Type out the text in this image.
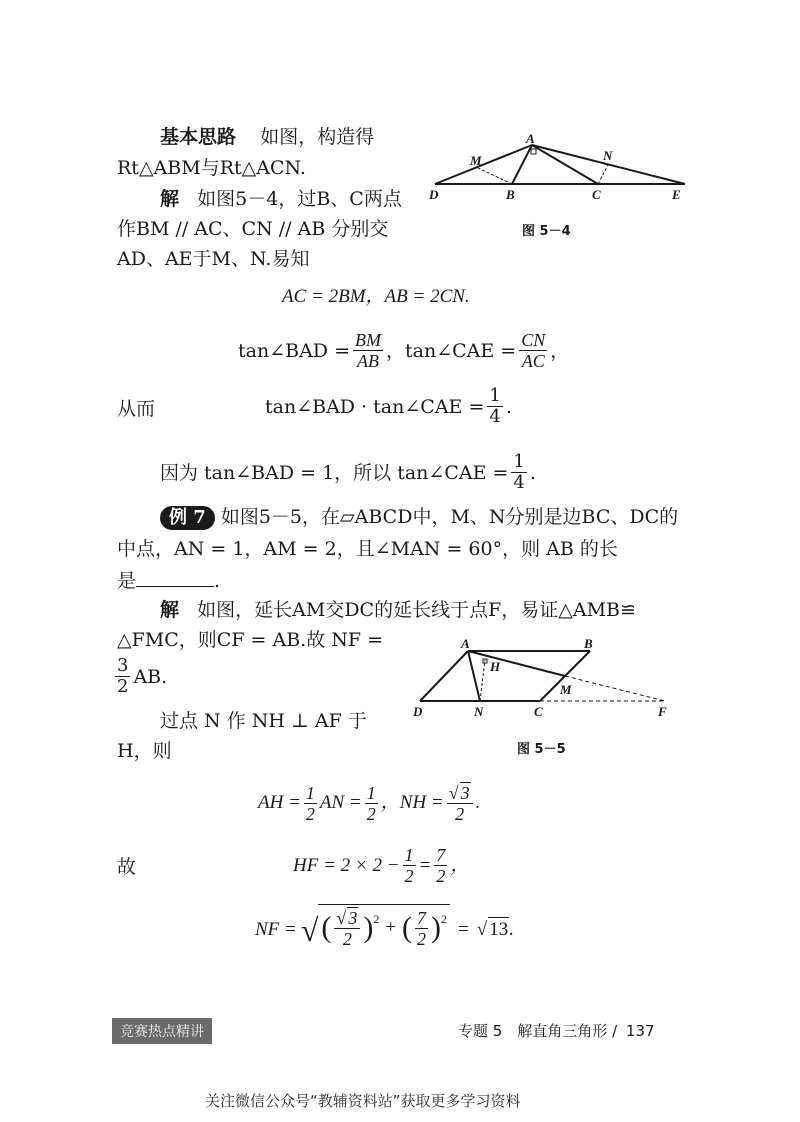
基本思路 如图，构造得
Rt△ABM与Rt△ACN.
解 如图5－4，过B、C两点
作BM // AC、CN // AB 分别交
AD、AE于M、N.易知
A
M	N
D	B	C	E
图 5－4
AC = 2BM，AB = 2CN.
tan∠BAD = $\frac{BM}{AB}$ ，tan∠CAE = $\frac{CN}{AC}$ ，
从而	tan∠BAD · tan∠CAE = $\frac{1}{4}$ .
因为 tan∠BAD = 1，所以 tan∠CAE = $\frac{1}{4}$ .
例 7 如图5－5，在▱ABCD中，M、N分别是边BC、DC的
中点，AN = 1，AM = 2，且∠MAN = 60°，则 AB 的长
是	.
解 如图，延长AM交DC的延长线于点F，易证△AMB≌
△FMC，则CF = AB.故 NF =
$\frac{3}{2}$ AB.
过点 N 作 NH ⊥ AF 于
H，则
A	B
H
M
D	N	C	F
图 5－5
AH = $\frac{1}{2}$ AN = $\frac{1}{2}$ ，NH = $\frac{√ 3}{2}$ .
故	HF = $2 \times 2 - \frac{1}{2} = \frac{7}{2}$ ，
NF = √ ( $\frac{√ 3}{2} )^2$ + ( $\frac{7}{2} )^2$ = √ 13 .
竞赛热点精讲	专题 5　解直角三角形 / 137
关注微信公众号“教辅资料站”获取更多学习资料
